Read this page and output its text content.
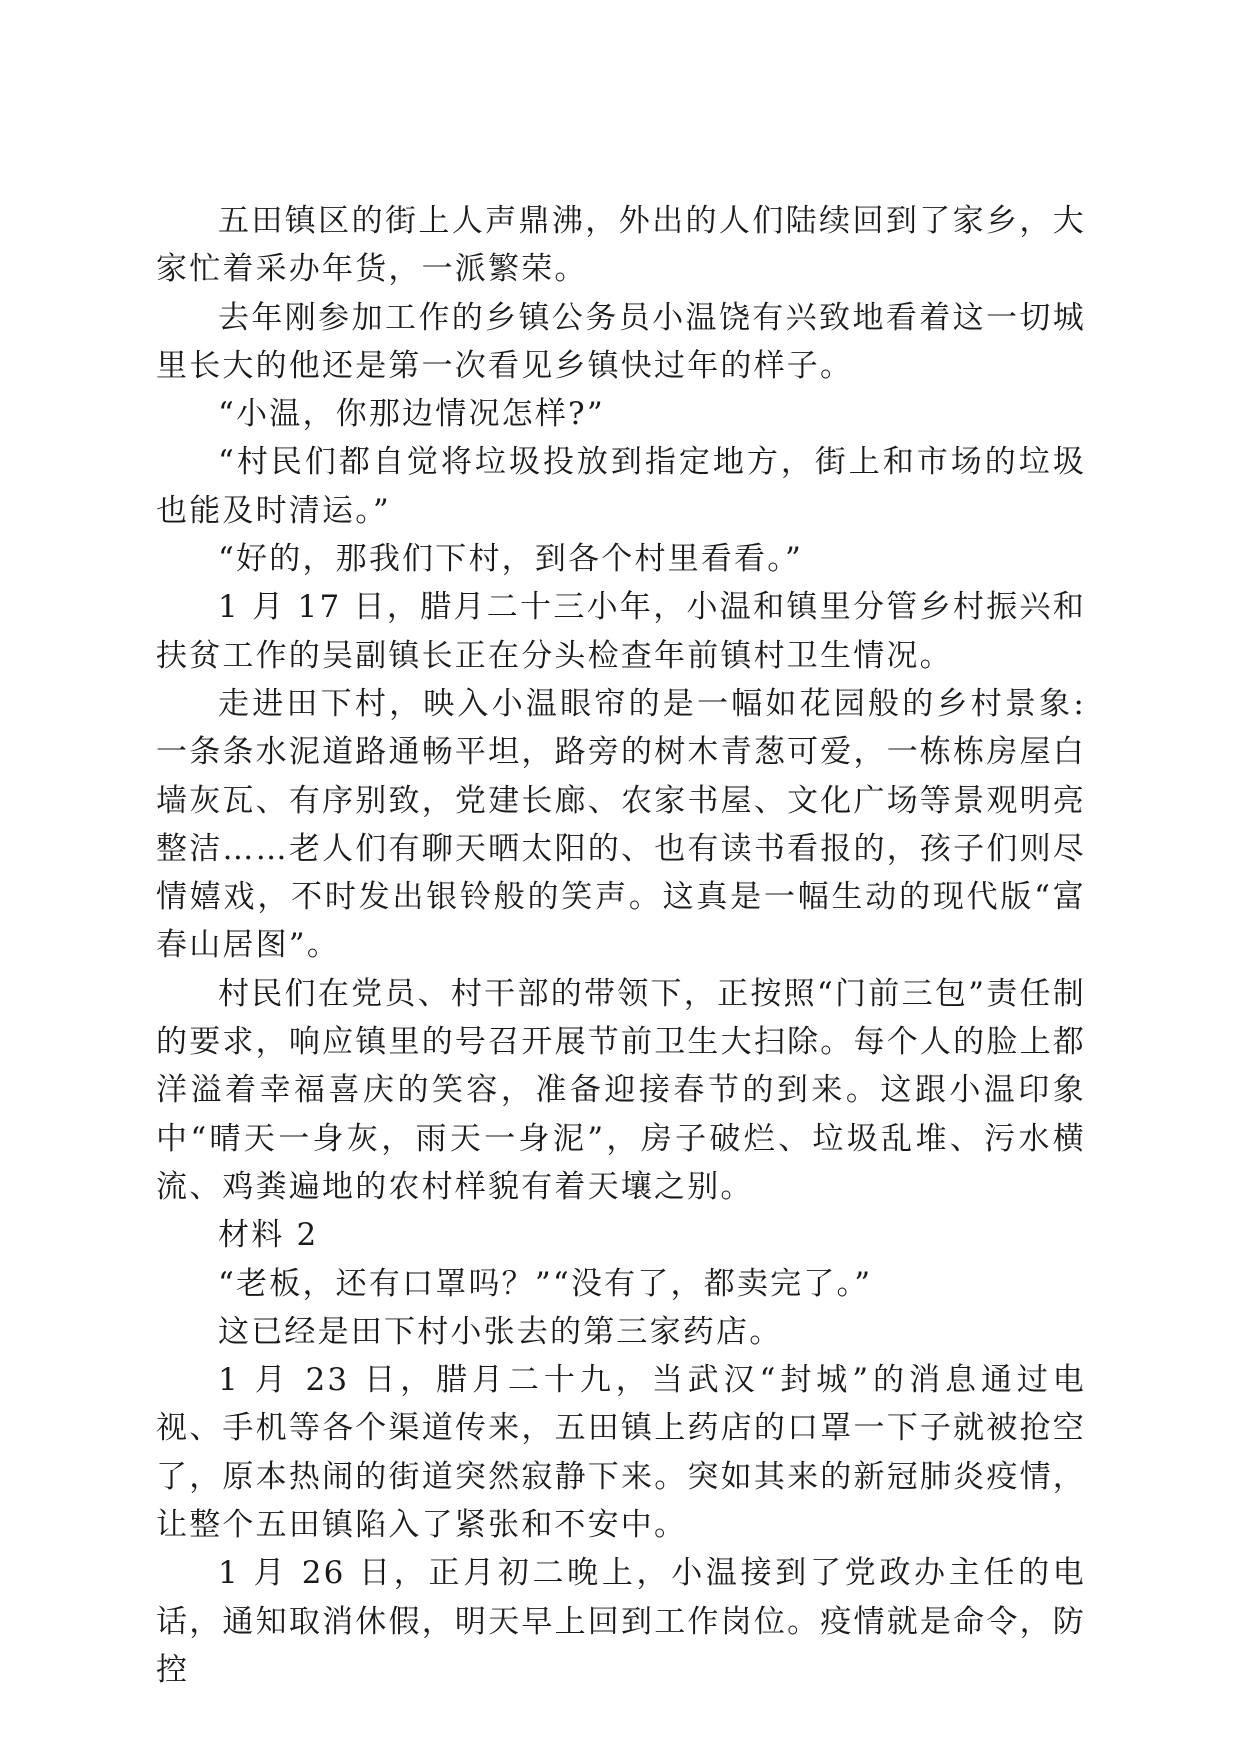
五田镇区的街上人声鼎沸，外出的人们陆续回到了家乡，大家忙着采办年货，一派繁荣。

去年刚参加工作的乡镇公务员小温饶有兴致地看着这一切城里长大的他还是第一次看见乡镇快过年的样子。

“小温，你那边情况怎样?”

“村民们都自觉将垃圾投放到指定地方，街上和市场的垃圾也能及时清运。”

“好的，那我们下村，到各个村里看看。”

1 月 17 日，腊月二十三小年，小温和镇里分管乡村振兴和扶贫工作的吴副镇长正在分头检查年前镇村卫生情况。

走进田下村，映入小温眼帘的是一幅如花园般的乡村景象:一条条水泥道路通畅平坦，路旁的树木青葱可爱，一栋栋房屋白墙灰瓦、有序别致，党建长廊、农家书屋、文化广场等景观明亮整洁……老人们有聊天晒太阳的、也有读书看报的，孩子们则尽情嬉戏，不时发出银铃般的笑声。这真是一幅生动的现代版“富春山居图”。

村民们在党员、村干部的带领下，正按照“门前三包”责任制的要求，响应镇里的号召开展节前卫生大扫除。每个人的脸上都洋溢着幸福喜庆的笑容，准备迎接春节的到来。这跟小温印象中“晴天一身灰，雨天一身泥”，房子破烂、垃圾乱堆、污水横流、鸡粪遍地的农村样貌有着天壤之别。

材料 2

“老板，还有口罩吗？”“没有了，都卖完了。”

这已经是田下村小张去的第三家药店。

1 月 23 日，腊月二十九，当武汉“封城”的消息通过电视、手机等各个渠道传来，五田镇上药店的口罩一下子就被抢空了，原本热闹的街道突然寂静下来。突如其来的新冠肺炎疫情，让整个五田镇陷入了紧张和不安中。

1 月 26 日，正月初二晚上，小温接到了党政办主任的电话，通知取消休假，明天早上回到工作岗位。疫情就是命令，防控
